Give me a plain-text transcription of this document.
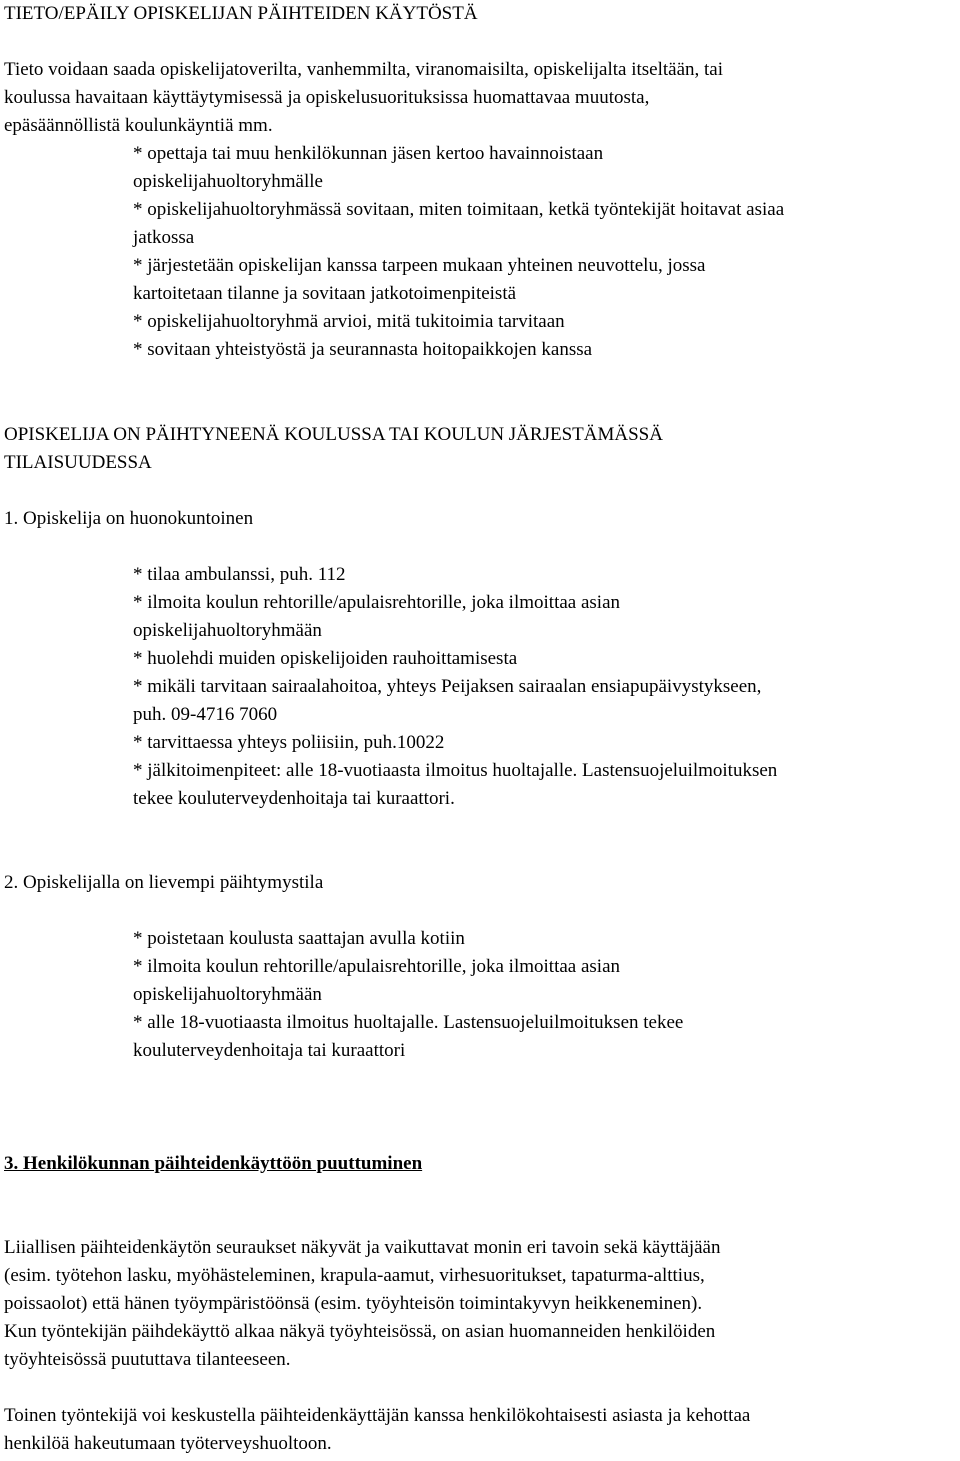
TIETO/EPÄILY OPISKELIJAN PÄIHTEIDEN KÄYTÖSTÄ
Tieto voidaan saada opiskelijatoverilta, vanhemmilta, viranomaisilta, opiskelijalta itseltään, tai
koulussa havaitaan käyttäytymisessä ja opiskelusuorituksissa huomattavaa muutosta,
epäsäännöllistä koulunkäyntiä mm.
* opettaja tai muu henkilökunnan jäsen kertoo havainnoistaan
opiskelijahuoltoryhmälle
* opiskelijahuoltoryhmässä sovitaan, miten toimitaan, ketkä työntekijät hoitavat asiaa
jatkossa
* järjestetään opiskelijan kanssa tarpeen mukaan yhteinen neuvottelu, jossa
kartoitetaan tilanne ja sovitaan jatkotoimenpiteistä
* opiskelijahuoltoryhmä arvioi, mitä tukitoimia tarvitaan
* sovitaan yhteistyöstä ja seurannasta hoitopaikkojen kanssa
OPISKELIJA ON PÄIHTYNEENÄ KOULUSSA TAI KOULUN JÄRJESTÄMÄSSÄ
TILAISUUDESSA
1. Opiskelija on huonokuntoinen
* tilaa ambulanssi, puh. 112
* ilmoita koulun rehtorille/apulaisrehtorille, joka ilmoittaa asian
opiskelijahuoltoryhmään
* huolehdi muiden opiskelijoiden rauhoittamisesta
* mikäli tarvitaan sairaalahoitoa, yhteys Peijaksen sairaalan ensiapupäivystykseen,
puh. 09-4716 7060
* tarvittaessa yhteys poliisiin, puh.10022
* jälkitoimenpiteet: alle 18-vuotiaasta ilmoitus huoltajalle. Lastensuojeluilmoituksen
tekee kouluterveydenhoitaja tai kuraattori.
2. Opiskelijalla on lievempi päihtymystila
* poistetaan koulusta saattajan avulla kotiin
* ilmoita koulun rehtorille/apulaisrehtorille, joka ilmoittaa asian
opiskelijahuoltoryhmään
* alle 18-vuotiaasta ilmoitus huoltajalle. Lastensuojeluilmoituksen tekee
kouluterveydenhoitaja tai kuraattori
3. Henkilökunnan päihteidenkäyttöön puuttuminen
Liiallisen päihteidenkäytön seuraukset näkyvät ja vaikuttavat monin eri tavoin sekä käyttäjään
(esim. työtehon lasku, myöhästeleminen, krapula-aamut, virhesuoritukset, tapaturma-alttius,
poissaolot) että hänen työympäristöönsä (esim. työyhteisön toimintakyvyn heikkeneminen).
Kun työntekijän päihdekäyttö alkaa näkyä työyhteisössä, on asian huomanneiden henkilöiden
työyhteisössä puututtava tilanteeseen.
Toinen työntekijä voi keskustella päihteidenkäyttäjän kanssa henkilökohtaisesti asiasta ja kehottaa
henkilöä hakeutumaan työterveyshuoltoon.
